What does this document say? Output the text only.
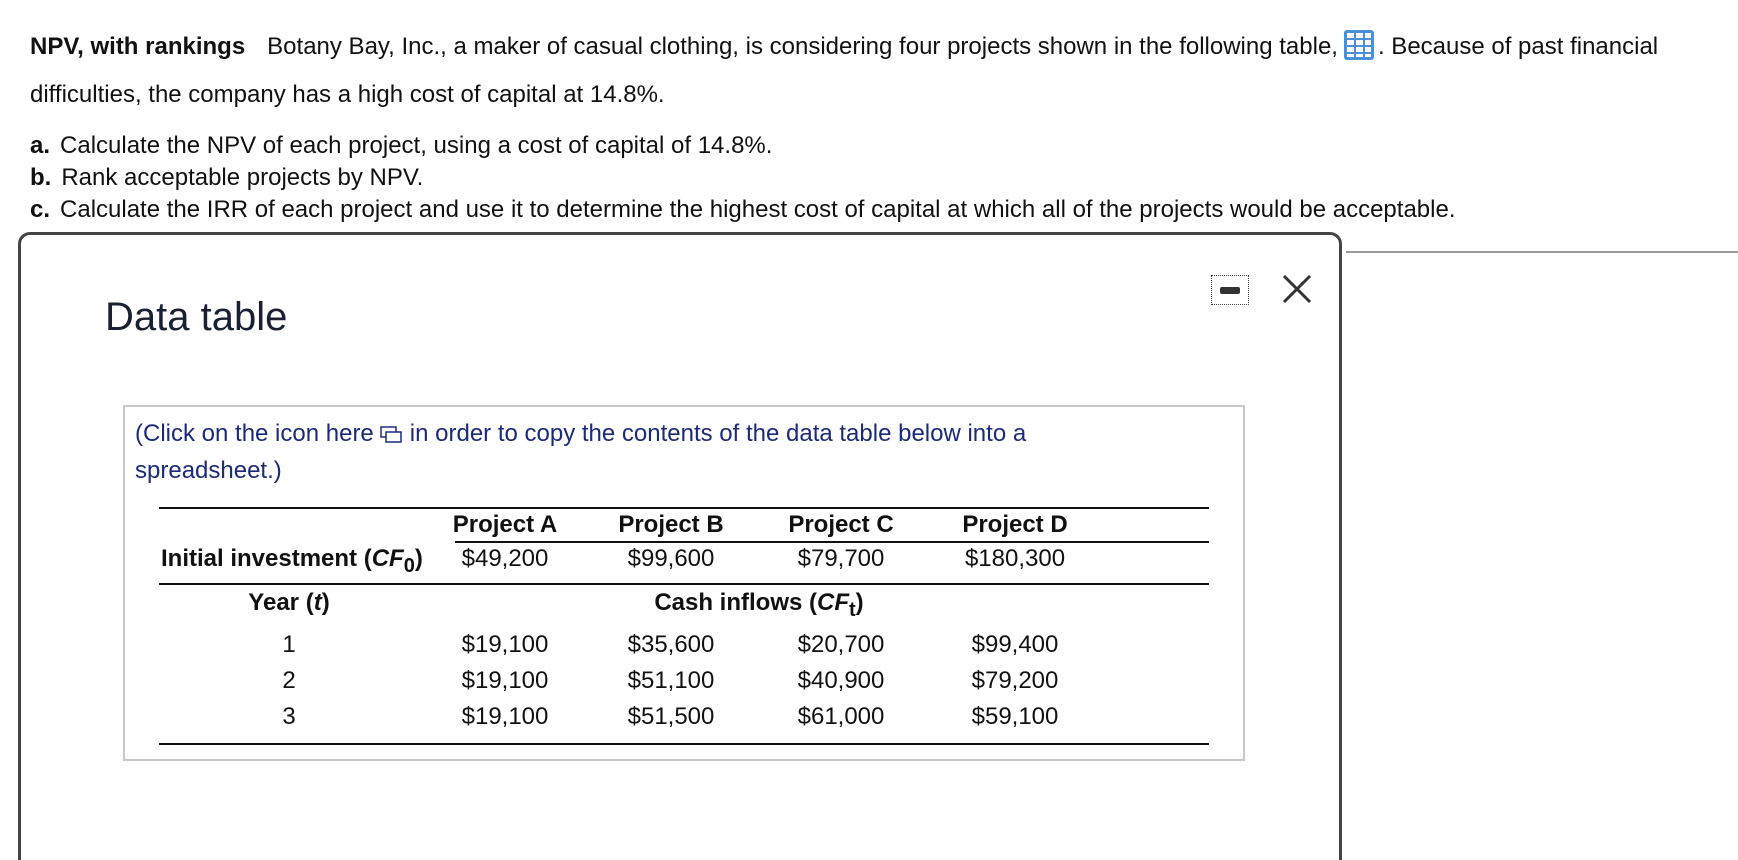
NPV, with rankings Botany Bay, Inc., a maker of casual clothing, is considering four projects shown in the following table, . Because of past financial difficulties, the company has a high cost of capital at 14.8%.
a. Calculate the NPV of each project, using a cost of capital of 14.8%.
b. Rank acceptable projects by NPV.
c. Calculate the IRR of each project and use it to determine the highest cost of capital at which all of the projects would be acceptable.
Data table
(Click on the icon here in order to copy the contents of the data table below into a spreadsheet.)
Project A	Project B	Project C	Project D
Initial investment $(CF_0)$ $49,200	$99,600	$79,700	$180,300
Year (t)	Cash inflows $(CF_t)$
1	$19,100	$35,600	$20,700	$99,400
2	$19,100	$51,100	$40,900	$79,200
3	$19,100	$51,500	$61,000	$59,100
